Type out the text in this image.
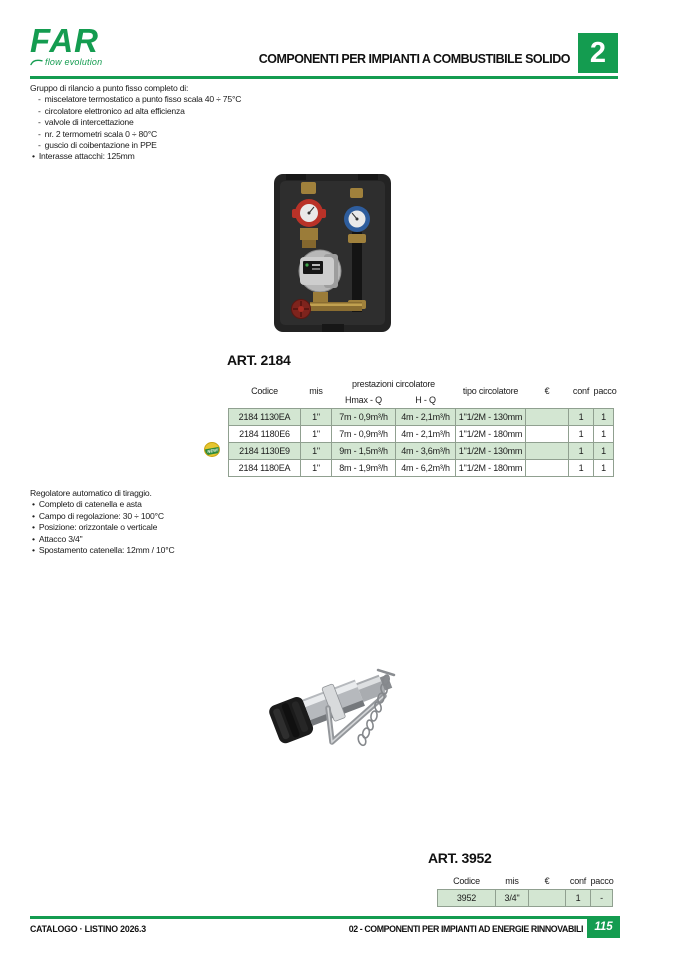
FAR
flow evolution	COMPONENTI PER IMPIANTI A COMBUSTIBILE SOLIDO 2
Gruppo di rilancio a punto fisso completo di:
- miscelatore termostatico a punto fisso scala 40 ÷ 75°C
- circolatore elettronico ad alta efficienza
- valvole di intercettazione
- nr. 2 termometri scala 0 ÷ 80°C
- guscio di coibentazione in PPE
• Interasse attacchi: 125mm
ART. 2184
Codice	mis	prestazioni circolatore		tipo circolatore	€	conf	pacco
		Hmax - Q	H - Q				
2184 1130EA	1"	7m - 0,9m³/h	4m - 2,1m³/h	1"1/2M - 130mm		1	1
2184 1180E6	1"	7m - 0,9m³/h	4m - 2,1m³/h	1"1/2M - 180mm		1	1
2184 1130E9	1"	9m - 1,5m³/h	4m - 3,6m³/h	1"1/2M - 130mm		1	1
2184 1180EA	1"	8m - 1,9m³/h	4m - 6,2m³/h	1"1/2M - 180mm		1	1
NEW!
Regolatore automatico di tiraggio.
• Completo di catenella e asta
• Campo di regolazione: 30 ÷ 100°C
• Posizione: orizzontale o verticale
• Attacco 3/4"
• Spostamento catenella: 12mm / 10°C
ART. 3952
Codice	mis	€	conf	pacco
3952	3/4"		1	-
CATALOGO · LISTINO 2026.3	02 - COMPONENTI PER IMPIANTI AD ENERGIE RINNOVABILI 115
